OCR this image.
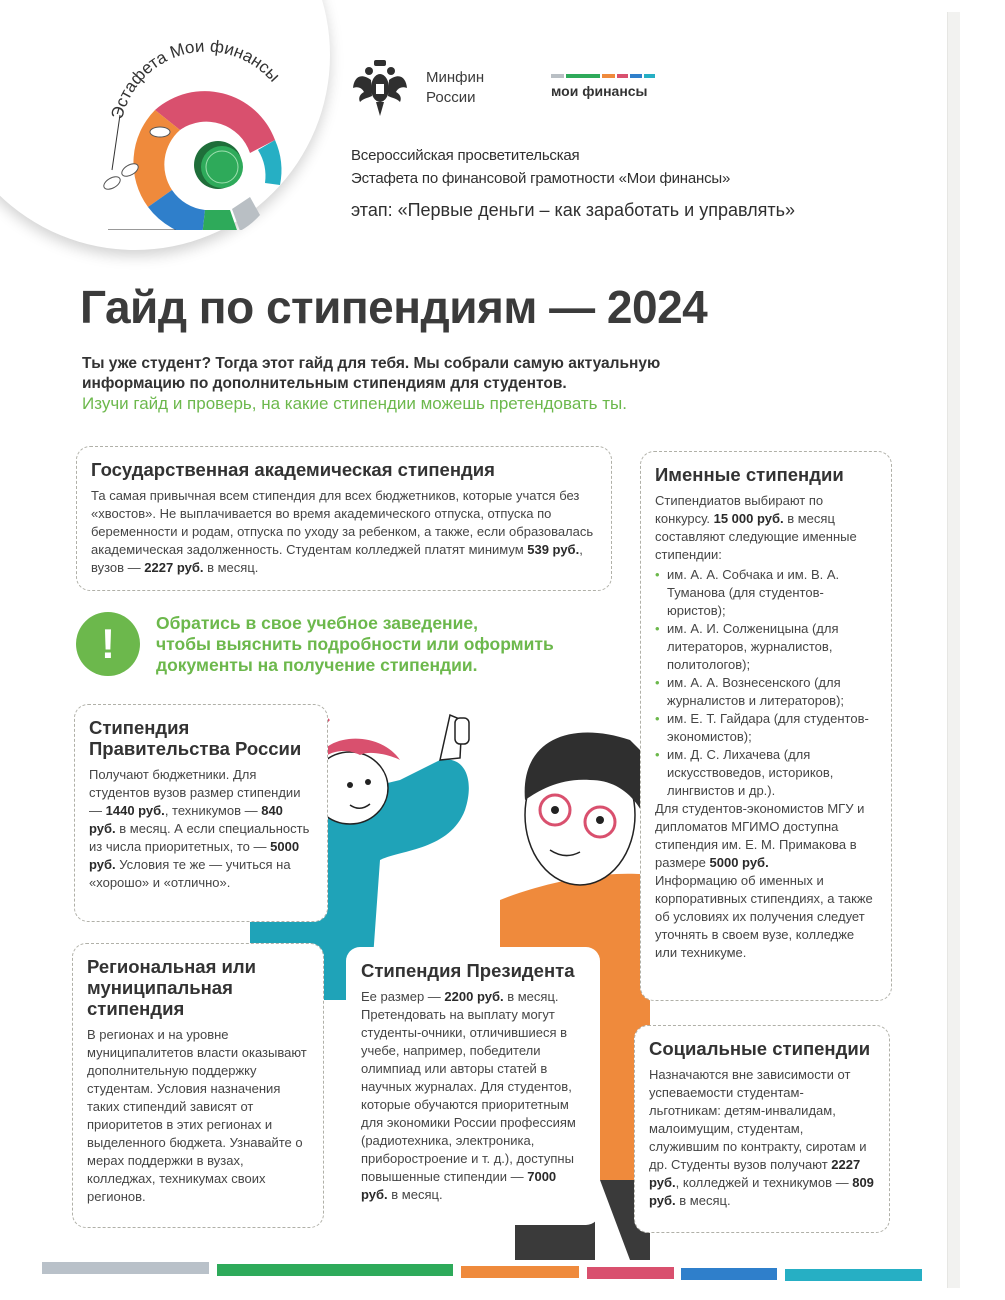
Эстафета Мои финансы	Минфин
России	мои финансы
Всероссийская просветительская
Эстафета по финансовой грамотности «Мои финансы»
этап: «Первые деньги – как заработать и управлять»
Гайд по стипендиям — 2024
Ты уже студент? Тогда этот гайд для тебя. Мы собрали самую актуальную
информацию по дополнительным стипендиям для студентов.
Изучи гайд и проверь, на какие стипендии можешь претендовать ты.
Государственная академическая стипендия

Та самая привычная всем стипендия для всех бюджетников, которые учатся без «хвостов». Не выплачивается во время академического отпуска, отпуска по беременности и родам, отпуска по уходу за ребенком, а также, если образовалась академическая задолженность. Студентам колледжей платят минимум 539 руб., вузов — 2227 руб. в месяц.

!	Обратись в свое учебное заведение,
чтобы выяснить подробности или оформить
документы на получение стипендии.
Именные стипендии

Стипендиатов выбирают по конкурсу. 15 000 руб. в месяц составляют следующие именные стипендии:

• им. А. А. Собчака и им. В. А. Туманова (для студентов-юристов);
• им. А. И. Солженицына (для литераторов, журналистов, политологов);
• им. А. А. Вознесенского (для журналистов и литераторов);
• им. Е. Т. Гайдара (для студентов-экономистов);
• им. Д. С. Лихачева (для искусствоведов, историков, лингвистов и др.).

Для студентов-экономистов МГУ и дипломатов МГИМО доступна стипендия им. Е. М. Примакова в размере 5000 руб.

Информацию об именных и корпоративных стипендиях, а также об условиях их получения следует уточнять в своем вузе, колледже или техникуме.

Стипендия Правительства России

Получают бюджетники. Для студентов вузов размер стипендии — 1440 руб., техникумов — 840 руб. в месяц. А если специальность из числа приоритетных, то — 5000 руб. Условия те же — учиться на «хорошо» и «отлично».

Региональная или муниципальная стипендия

В регионах и на уровне муниципалитетов власти оказывают дополнительную поддержку студентам. Условия назначения таких стипендий зависят от приоритетов в этих регионах и выделенного бюджета. Узнавайте о мерах поддержки в вузах, колледжах, техникумах своих регионов.

Стипендия Президента

Ее размер — 2200 руб. в месяц. Претендовать на выплату могут студенты-очники, отличившиеся в учебе, например, победители олимпиад или авторы статей в научных журналах. Для студентов, которые обучаются приоритетным для экономики России профессиям (радиотехника, электроника, приборостроение и т. д.), доступны повышенные стипендии — 7000 руб. в месяц.

Социальные стипендии

Назначаются вне зависимости от успеваемости студентам-льготникам: детям-инвалидам, малоимущим, студентам, служившим по контракту, сиротам и др. Студенты вузов получают 2227 руб., колледжей и техникумов — 809 руб. в месяц.
